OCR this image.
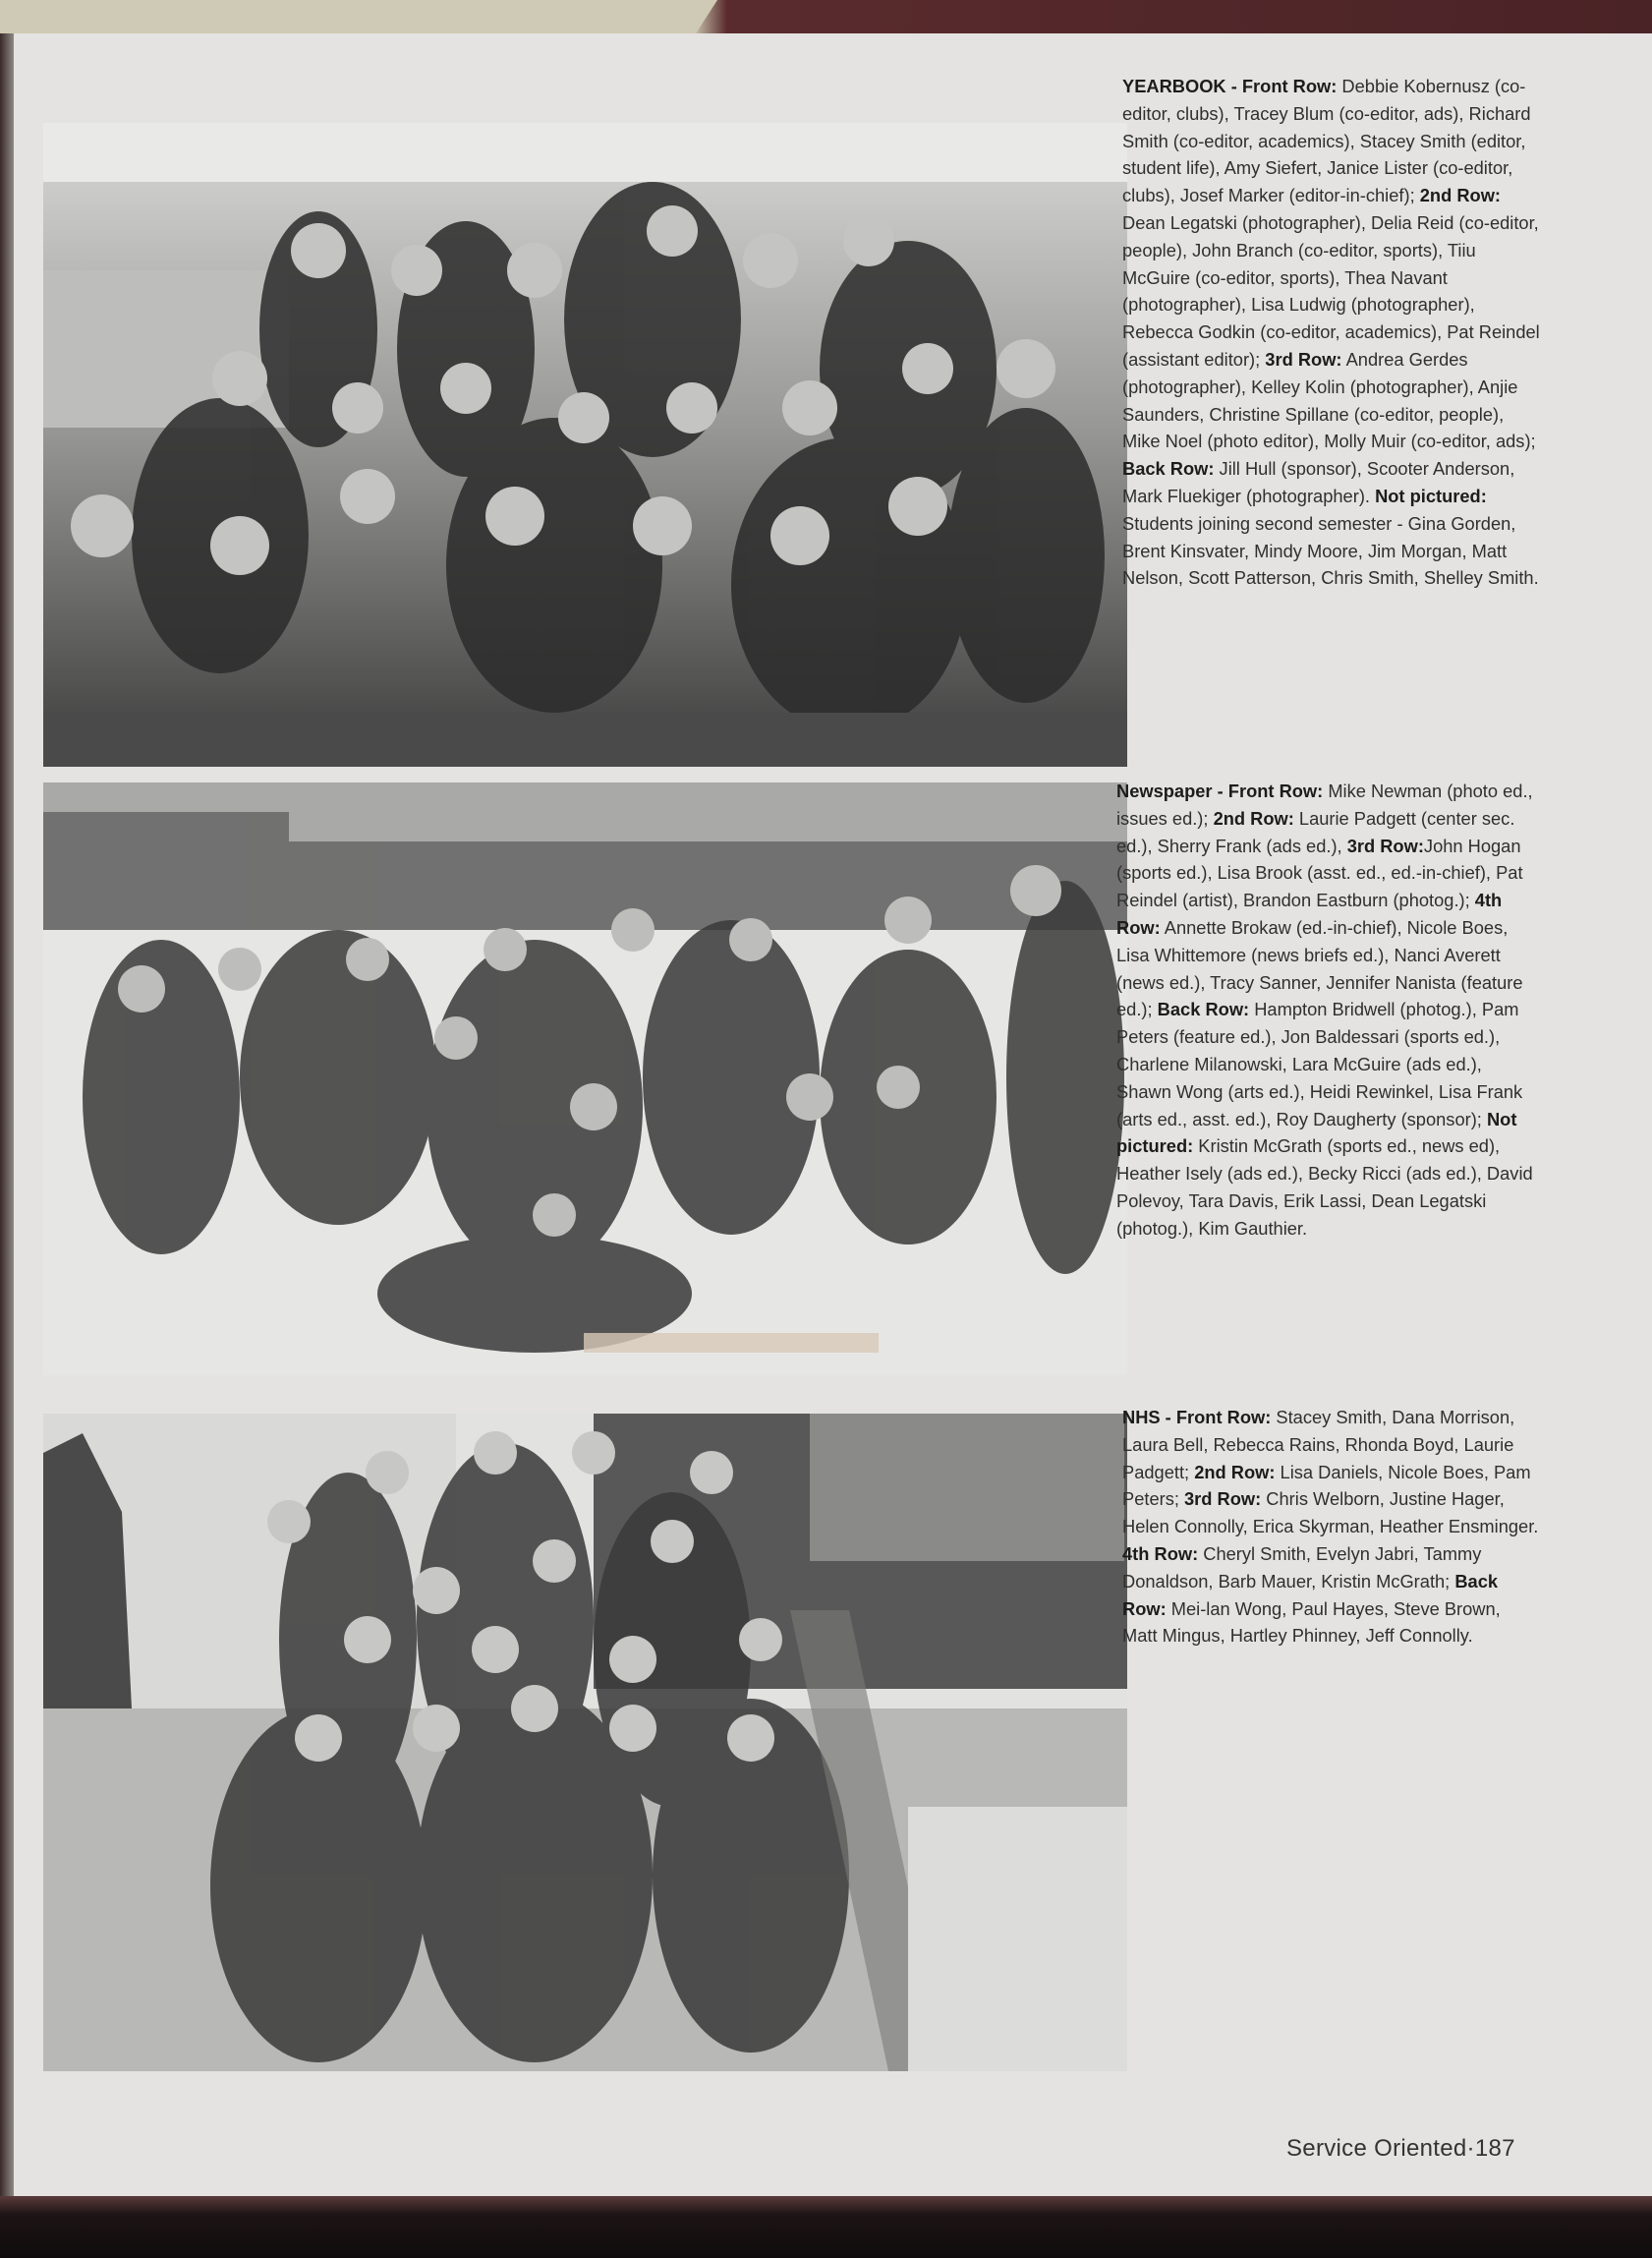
YEARBOOK - Front Row: Debbie Kobernusz (co-editor, clubs), Tracey Blum (co-editor, ads), Richard Smith (co-editor, academics), Stacey Smith (editor, student life), Amy Siefert, Janice Lister (co-editor, clubs), Josef Marker (editor-in-chief); 2nd Row: Dean Legatski (photographer), Delia Reid (co-editor, people), John Branch (co-editor, sports), Tiiu McGuire (co-editor, sports), Thea Navant (photographer), Lisa Ludwig (photographer), Rebecca Godkin (co-editor, academics), Pat Reindel (assistant editor); 3rd Row: Andrea Gerdes (photographer), Kelley Kolin (photographer), Anjie Saunders, Christine Spillane (co-editor, people), Mike Noel (photo editor), Molly Muir (co-editor, ads); Back Row: Jill Hull (sponsor), Scooter Anderson, Mark Fluekiger (photographer). Not pictured: Students joining second semester - Gina Gorden, Brent Kinsvater, Mindy Moore, Jim Morgan, Matt Nelson, Scott Patterson, Chris Smith, Shelley Smith.
Newspaper - Front Row: Mike Newman (photo ed., issues ed.); 2nd Row: Laurie Padgett (center sec. ed.), Sherry Frank (ads ed.), 3rd Row:John Hogan (sports ed.), Lisa Brook (asst. ed., ed.-in-chief), Pat Reindel (artist), Brandon Eastburn (photog.); 4th Row: Annette Brokaw (ed.-in-chief), Nicole Boes, Lisa Whittemore (news briefs ed.), Nanci Averett (news ed.), Tracy Sanner, Jennifer Nanista (feature ed.); Back Row: Hampton Bridwell (photog.), Pam Peters (feature ed.), Jon Baldessari (sports ed.), Charlene Milanowski, Lara McGuire (ads ed.), Shawn Wong (arts ed.), Heidi Rewinkel, Lisa Frank (arts ed., asst. ed.), Roy Daugherty (sponsor); Not pictured: Kristin McGrath (sports ed., news ed), Heather Isely (ads ed.), Becky Ricci (ads ed.), David Polevoy, Tara Davis, Erik Lassi, Dean Legatski (photog.), Kim Gauthier.
NHS - Front Row: Stacey Smith, Dana Morrison, Laura Bell, Rebecca Rains, Rhonda Boyd, Laurie Padgett; 2nd Row: Lisa Daniels, Nicole Boes, Pam Peters; 3rd Row: Chris Welborn, Justine Hager, Helen Connolly, Erica Skyrman, Heather Ensminger. 4th Row: Cheryl Smith, Evelyn Jabri, Tammy Donaldson, Barb Mauer, Kristin McGrath; Back Row: Mei-lan Wong, Paul Hayes, Steve Brown, Matt Mingus, Hartley Phinney, Jeff Connolly.
Service Oriented·187
